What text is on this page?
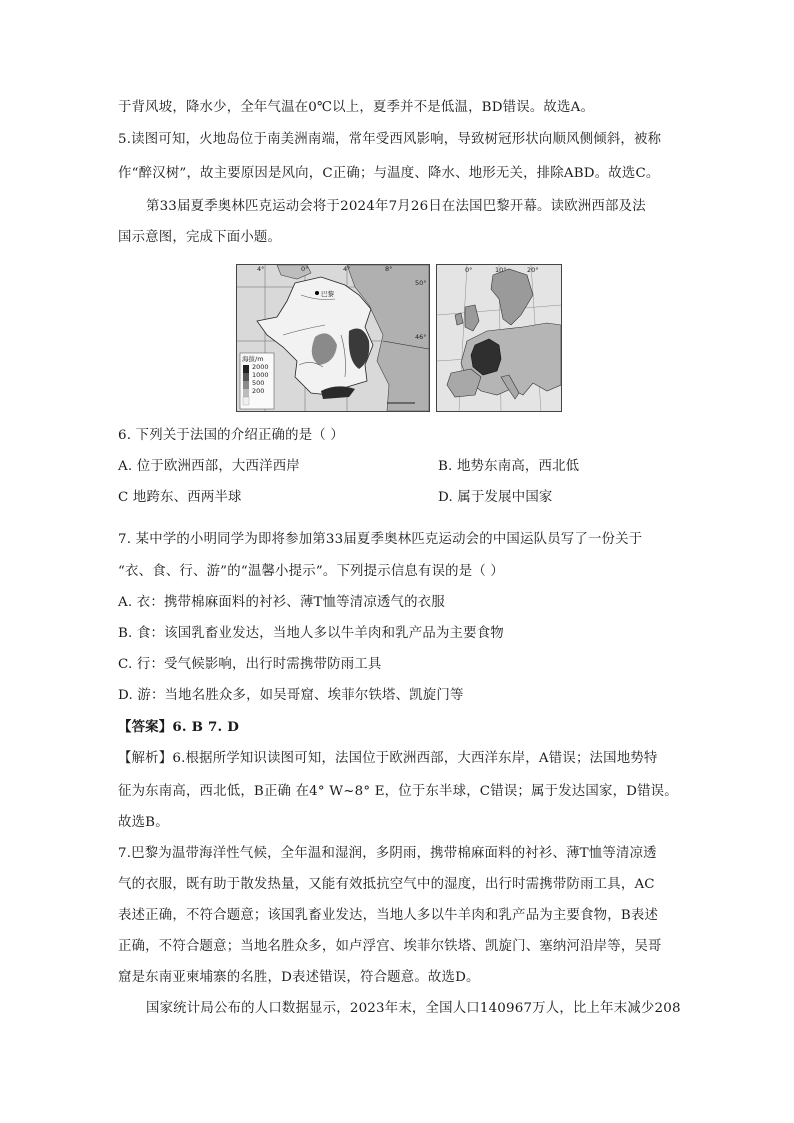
于背风坡，降水少，全年气温在0℃以上，夏季并不是低温，BD错误。故选A。
5.读图可知，火地岛位于南美洲南端，常年受西风影响，导致树冠形状向顺风侧倾斜，被称
作“醉汉树”，故主要原因是风向，C正确；与温度、降水、地形无关，排除ABD。故选C。
第33届夏季奥林匹克运动会将于2024年7月26日在法国巴黎开幕。读欧洲西部及法
国示意图，完成下面小题。
巴黎
4°	0°	4°	8°
50°
46°
海拔/m
2000
1000
500
200
0°	10°	20°
6. 下列关于法国的介绍正确的是（ ）
A. 位于欧洲西部，大西洋西岸	B. 地势东南高，西北低
C 地跨东、西两半球	D. 属于发展中国家
7. 某中学的小明同学为即将参加第33届夏季奥林匹克运动会的中国运队员写了一份关于
“衣、食、行、游”的“温馨小提示”。下列提示信息有误的是（ ）
A. 衣：携带棉麻面料的衬衫、薄T恤等清凉透气的衣服
B. 食：该国乳畜业发达，当地人多以牛羊肉和乳产品为主要食物
C. 行：受气候影响，出行时需携带防雨工具
D. 游：当地名胜众多，如吴哥窟、埃菲尔铁塔、凯旋门等
【答案】6. B 7. D
【解析】6.根据所学知识读图可知，法国位于欧洲西部，大西洋东岸，A错误；法国地势特
征为东南高，西北低，B正确 在4° W~8° E，位于东半球，C错误；属于发达国家，D错误。
故选B。
7.巴黎为温带海洋性气候，全年温和湿润，多阴雨，携带棉麻面料的衬衫、薄T恤等清凉透
气的衣服，既有助于散发热量，又能有效抵抗空气中的湿度，出行时需携带防雨工具，AC
表述正确，不符合题意；该国乳畜业发达，当地人多以牛羊肉和乳产品为主要食物，B表述
正确，不符合题意；当地名胜众多，如卢浮宫、埃菲尔铁塔、凯旋门、塞纳河沿岸等，吴哥
窟是东南亚柬埔寨的名胜，D表述错误，符合题意。故选D。
国家统计局公布的人口数据显示，2023年末，全国人口140967万人，比上年末减少208
